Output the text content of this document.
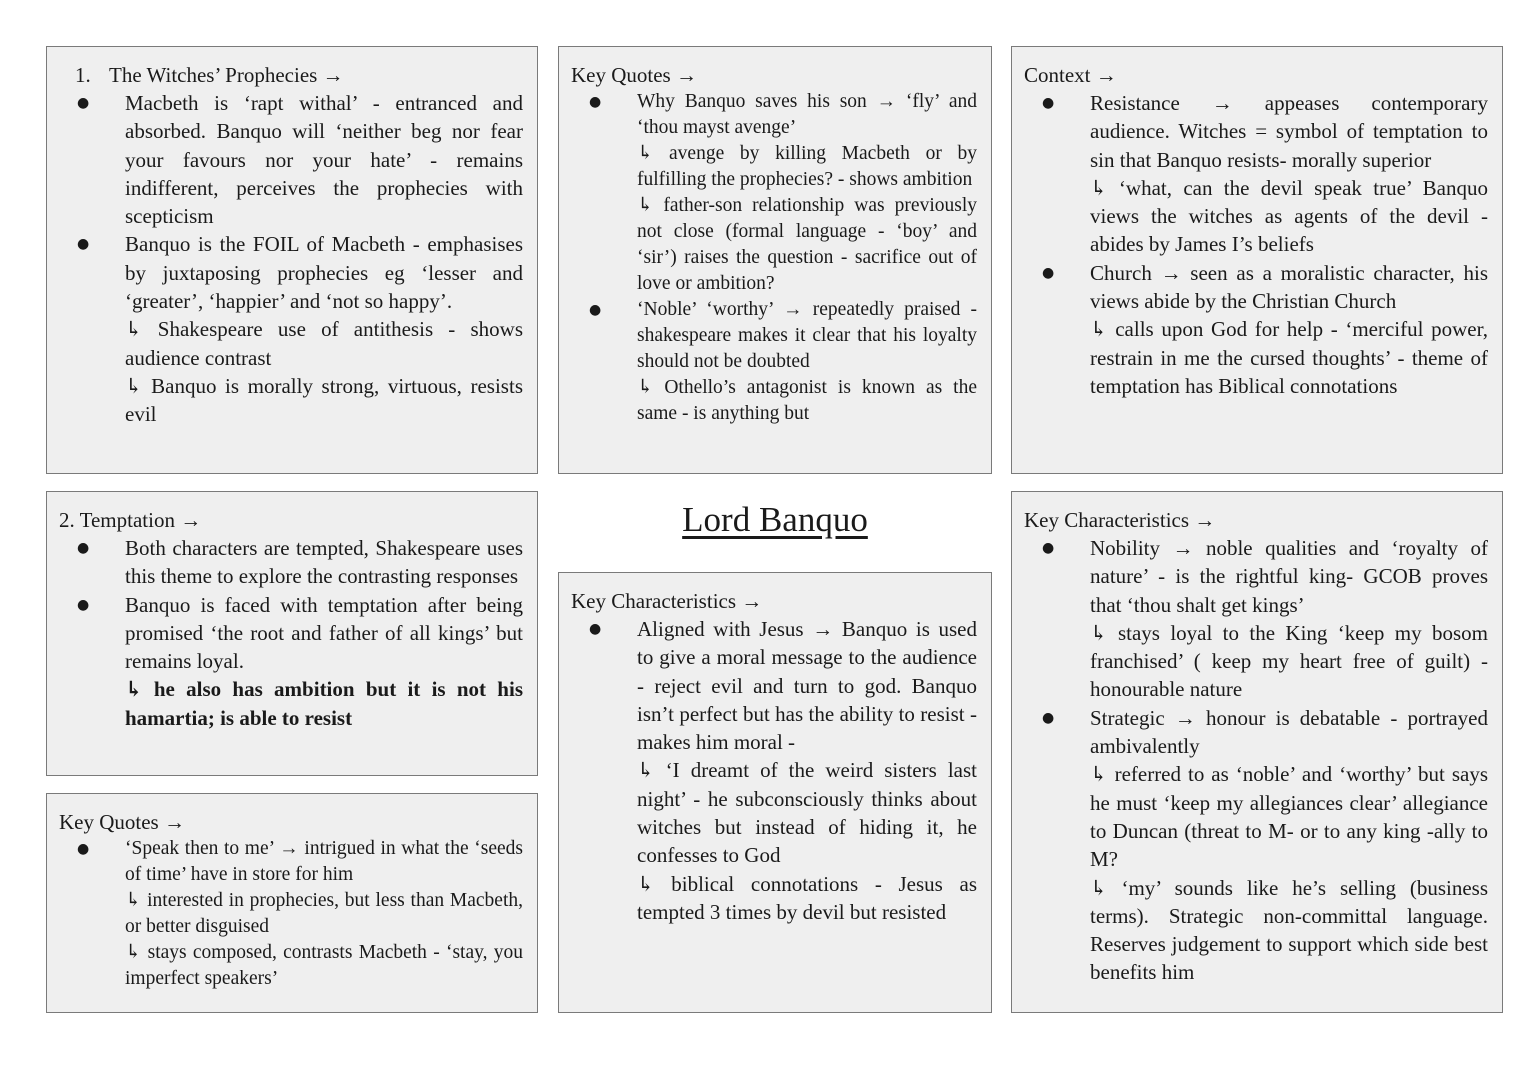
1. The Witches’ Prophecies →
● Macbeth is ‘rapt withal’ - entranced and absorbed. Banquo will ‘neither beg nor fear your favours nor your hate’ - remains indifferent, perceives the prophecies with scepticism
● Banquo is the FOIL of Macbeth - emphasises by juxtaposing prophecies eg ‘lesser and ‘greater’, ‘happier’ and ‘not so happy’.
↳ Shakespeare use of antithesis - shows audience contrast
↳ Banquo is morally strong, virtuous, resists evil
Key Quotes →
● Why Banquo saves his son → ‘fly’ and ‘thou mayst avenge’
↳ avenge by killing Macbeth or by fulfilling the prophecies? - shows ambition
↳ father-son relationship was previously not close (formal language - ‘boy’ and ‘sir’) raises the question - sacrifice out of love or ambition?
● ‘Noble’ ‘worthy’ → repeatedly praised - shakespeare makes it clear that his loyalty should not be doubted
↳ Othello’s antagonist is known as the same - is anything but
Context →
● Resistance → appeases contemporary audience. Witches = symbol of temptation to sin that Banquo resists- morally superior
↳ ‘what, can the devil speak true’ Banquo views the witches as agents of the devil - abides by James I’s beliefs
● Church → seen as a moralistic character, his views abide by the Christian Church
↳ calls upon God for help - ‘merciful power, restrain in me the cursed thoughts’ - theme of temptation has Biblical connotations
2. Temptation →
● Both characters are tempted, Shakespeare uses this theme to explore the contrasting responses
● Banquo is faced with temptation after being promised ‘the root and father of all kings’ but remains loyal.
↳ he also has ambition but it is not his hamartia; is able to resist
Key Quotes →
● ‘Speak then to me’ → intrigued in what the ‘seeds of time’ have in store for him
↳ interested in prophecies, but less than Macbeth, or better disguised
↳ stays composed, contrasts Macbeth - ‘stay, you imperfect speakers’
Lord Banquo
Key Characteristics →
● Aligned with Jesus → Banquo is used to give a moral message to the audience - reject evil and turn to god. Banquo isn’t perfect but has the ability to resist - makes him moral -
↳ ‘I dreamt of the weird sisters last night’ - he subconsciously thinks about witches but instead of hiding it, he confesses to God
↳ biblical connotations - Jesus as tempted 3 times by devil but resisted
Key Characteristics →
● Nobility → noble qualities and ‘royalty of nature’ - is the rightful king- GCOB proves that ‘thou shalt get kings’
↳ stays loyal to the King ‘keep my bosom franchised’ ( keep my heart free of guilt) - honourable nature
● Strategic → honour is debatable - portrayed ambivalently
↳ referred to as ‘noble’ and ‘worthy’ but says he must ‘keep my allegiances clear’ allegiance to Duncan (threat to M- or to any king -ally to M?
↳ ‘my’ sounds like he’s selling (business terms). Strategic non-committal language. Reserves judgement to support which side best benefits him
